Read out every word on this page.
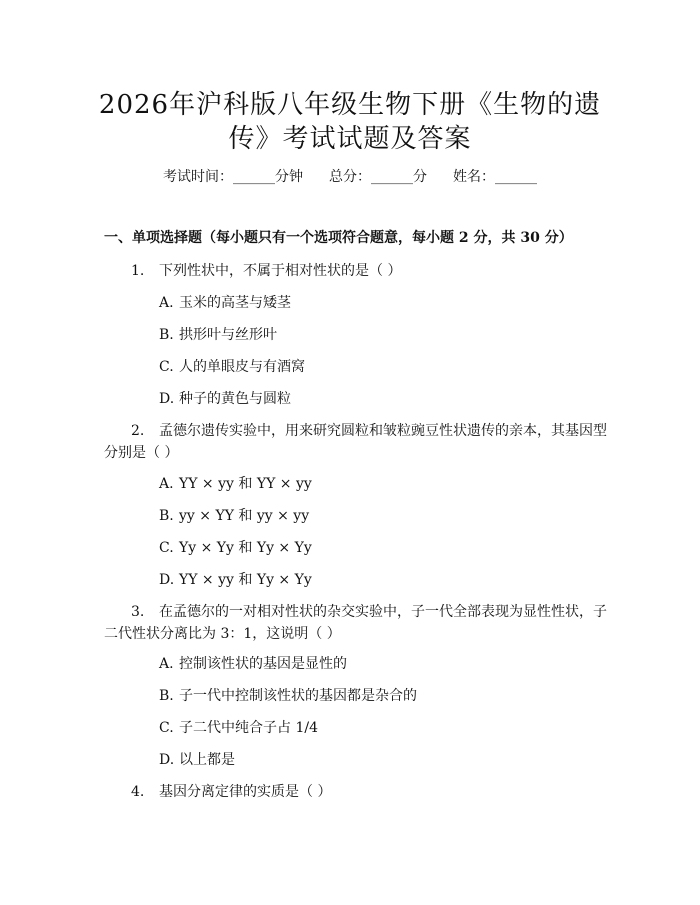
2026年沪科版八年级生物下册《生物的遗
传》考试试题及答案
考试时间：______分钟 总分：______分 姓名：______
一、单项选择题（每小题只有一个选项符合题意，每小题 2 分，共 30 分）
1. 下列性状中，不属于相对性状的是（ ）
A. 玉米的高茎与矮茎
B. 拱形叶与丝形叶
C. 人的单眼皮与有酒窝
D. 种子的黄色与圆粒
2. 孟德尔遗传实验中，用来研究圆粒和皱粒豌豆性状遗传的亲本，其基因型
分别是（ ）
A. YY × yy 和 YY × yy
B. yy × YY 和 yy × yy
C. Yy × Yy 和 Yy × Yy
D. YY × yy 和 Yy × Yy
3. 在孟德尔的一对相对性状的杂交实验中，子一代全部表现为显性性状，子
二代性状分离比为 3：1，这说明（ ）
A. 控制该性状的基因是显性的
B. 子一代中控制该性状的基因都是杂合的
C. 子二代中纯合子占 1/4
D. 以上都是
4. 基因分离定律的实质是（ ）
